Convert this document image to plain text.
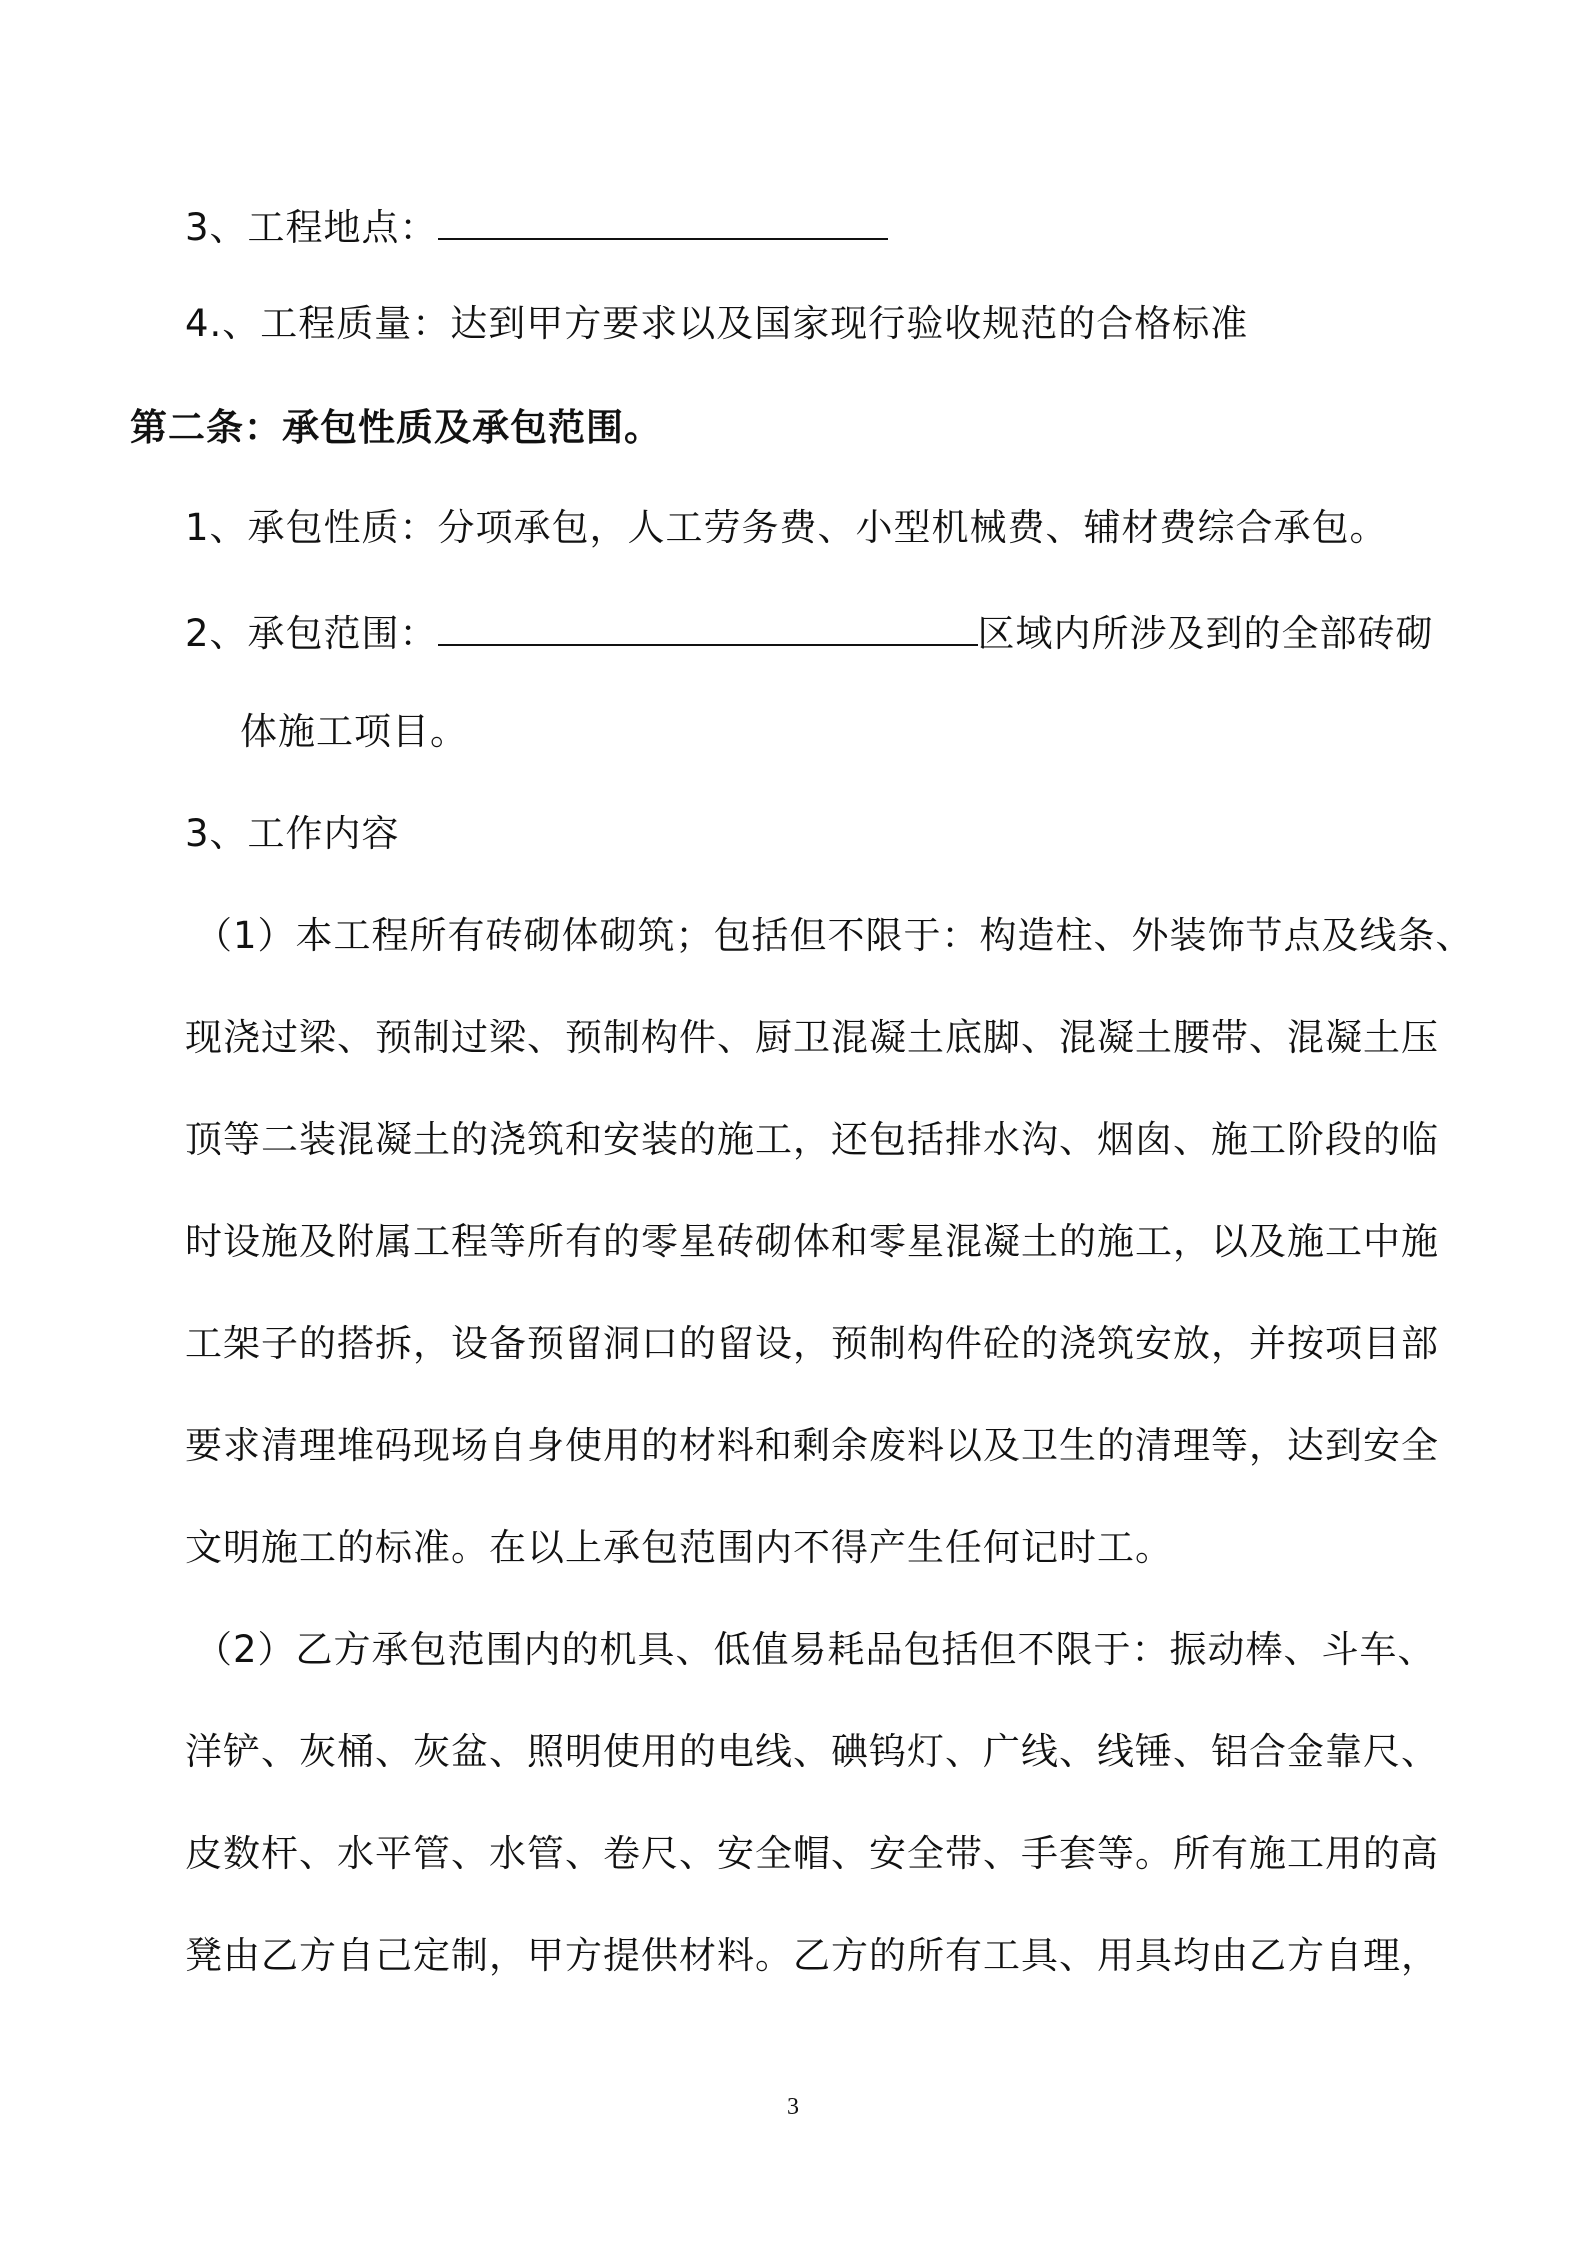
3、工程地点：
4.、工程质量：达到甲方要求以及国家现行验收规范的合格标准
第二条：承包性质及承包范围。
1、承包性质：分项承包，人工劳务费、小型机械费、辅材费综合承包。
2、承包范围：	区域内所涉及到的全部砖砌
体施工项目。
3、工作内容
（1）本工程所有砖砌体砌筑；包括但不限于：构造柱、外装饰节点及线条、
现浇过梁、预制过梁、预制构件、厨卫混凝土底脚、混凝土腰带、混凝土压
顶等二装混凝土的浇筑和安装的施工，还包括排水沟、烟囱、施工阶段的临
时设施及附属工程等所有的零星砖砌体和零星混凝土的施工，以及施工中施
工架子的搭拆，设备预留洞口的留设，预制构件砼的浇筑安放，并按项目部
要求清理堆码现场自身使用的材料和剩余废料以及卫生的清理等，达到安全
文明施工的标准。在以上承包范围内不得产生任何记时工。
（2）乙方承包范围内的机具、低值易耗品包括但不限于：振动棒、斗车、
洋铲、灰桶、灰盆、照明使用的电线、碘钨灯、广线、线锤、铝合金靠尺、
皮数杆、水平管、水管、卷尺、安全帽、安全带、手套等。所有施工用的高
凳由乙方自己定制，甲方提供材料。乙方的所有工具、用具均由乙方自理，
3
